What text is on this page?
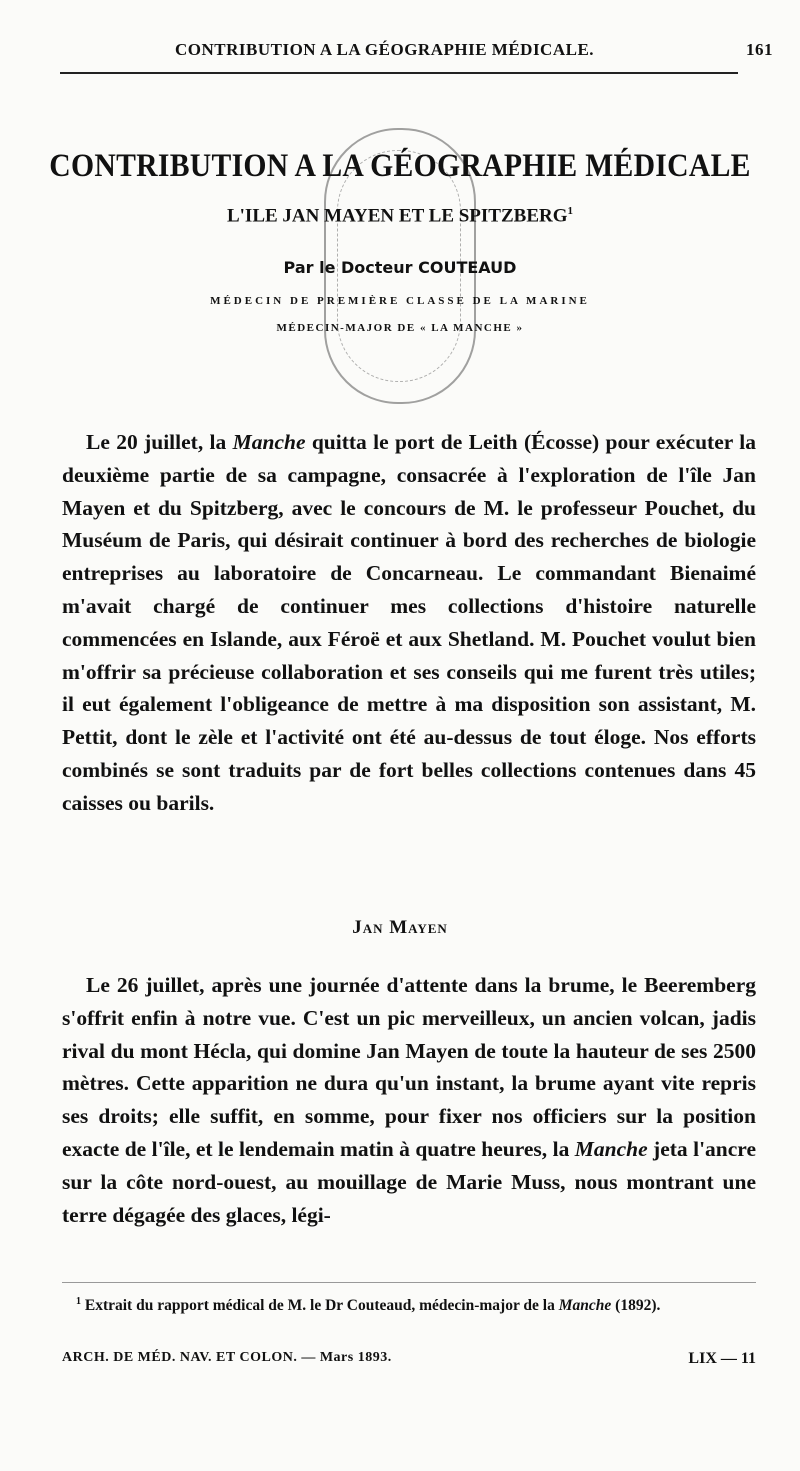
CONTRIBUTION A LA GÉOGRAPHIE MÉDICALE.	161
CONTRIBUTION A LA GÉOGRAPHIE MÉDICALE
L'ILE JAN MAYEN ET LE SPITZBERG$^1$
Par le Docteur COUTEAUD
MÉDECIN DE PREMIÈRE CLASSE DE LA MARINE
MÉDECIN-MAJOR DE « LA MANCHE »
Le 20 juillet, la Manche quitta le port de Leith (Écosse) pour exécuter la deuxième partie de sa campagne, consacrée à l'exploration de l'île Jan Mayen et du Spitzberg, avec le concours de M. le professeur Pouchet, du Muséum de Paris, qui désirait continuer à bord des recherches de biologie entreprises au laboratoire de Concarneau. Le commandant Bienaimé m'avait chargé de continuer mes collections d'histoire naturelle commencées en Islande, aux Féroë et aux Shetland. M. Pouchet voulut bien m'offrir sa précieuse collaboration et ses conseils qui me furent très utiles; il eut également l'obligeance de mettre à ma disposition son assistant, M. Pettit, dont le zèle et l'activité ont été au-dessus de tout éloge. Nos efforts combinés se sont traduits par de fort belles collections contenues dans 45 caisses ou barils.
Jan Mayen
Le 26 juillet, après une journée d'attente dans la brume, le Beeremberg s'offrit enfin à notre vue. C'est un pic merveilleux, un ancien volcan, jadis rival du mont Hécla, qui domine Jan Mayen de toute la hauteur de ses 2500 mètres. Cette apparition ne dura qu'un instant, la brume ayant vite repris ses droits; elle suffit, en somme, pour fixer nos officiers sur la position exacte de l'île, et le lendemain matin à quatre heures, la Manche jeta l'ancre sur la côte nord-ouest, au mouillage de Marie Muss, nous montrant une terre dégagée des glaces, légi-
$^1$ Extrait du rapport médical de M. le Dr Couteaud, médecin-major de la Manche (1892).
ARCH. DE MÉD. NAV. ET COLON. — Mars 1893.	LIX — 11
